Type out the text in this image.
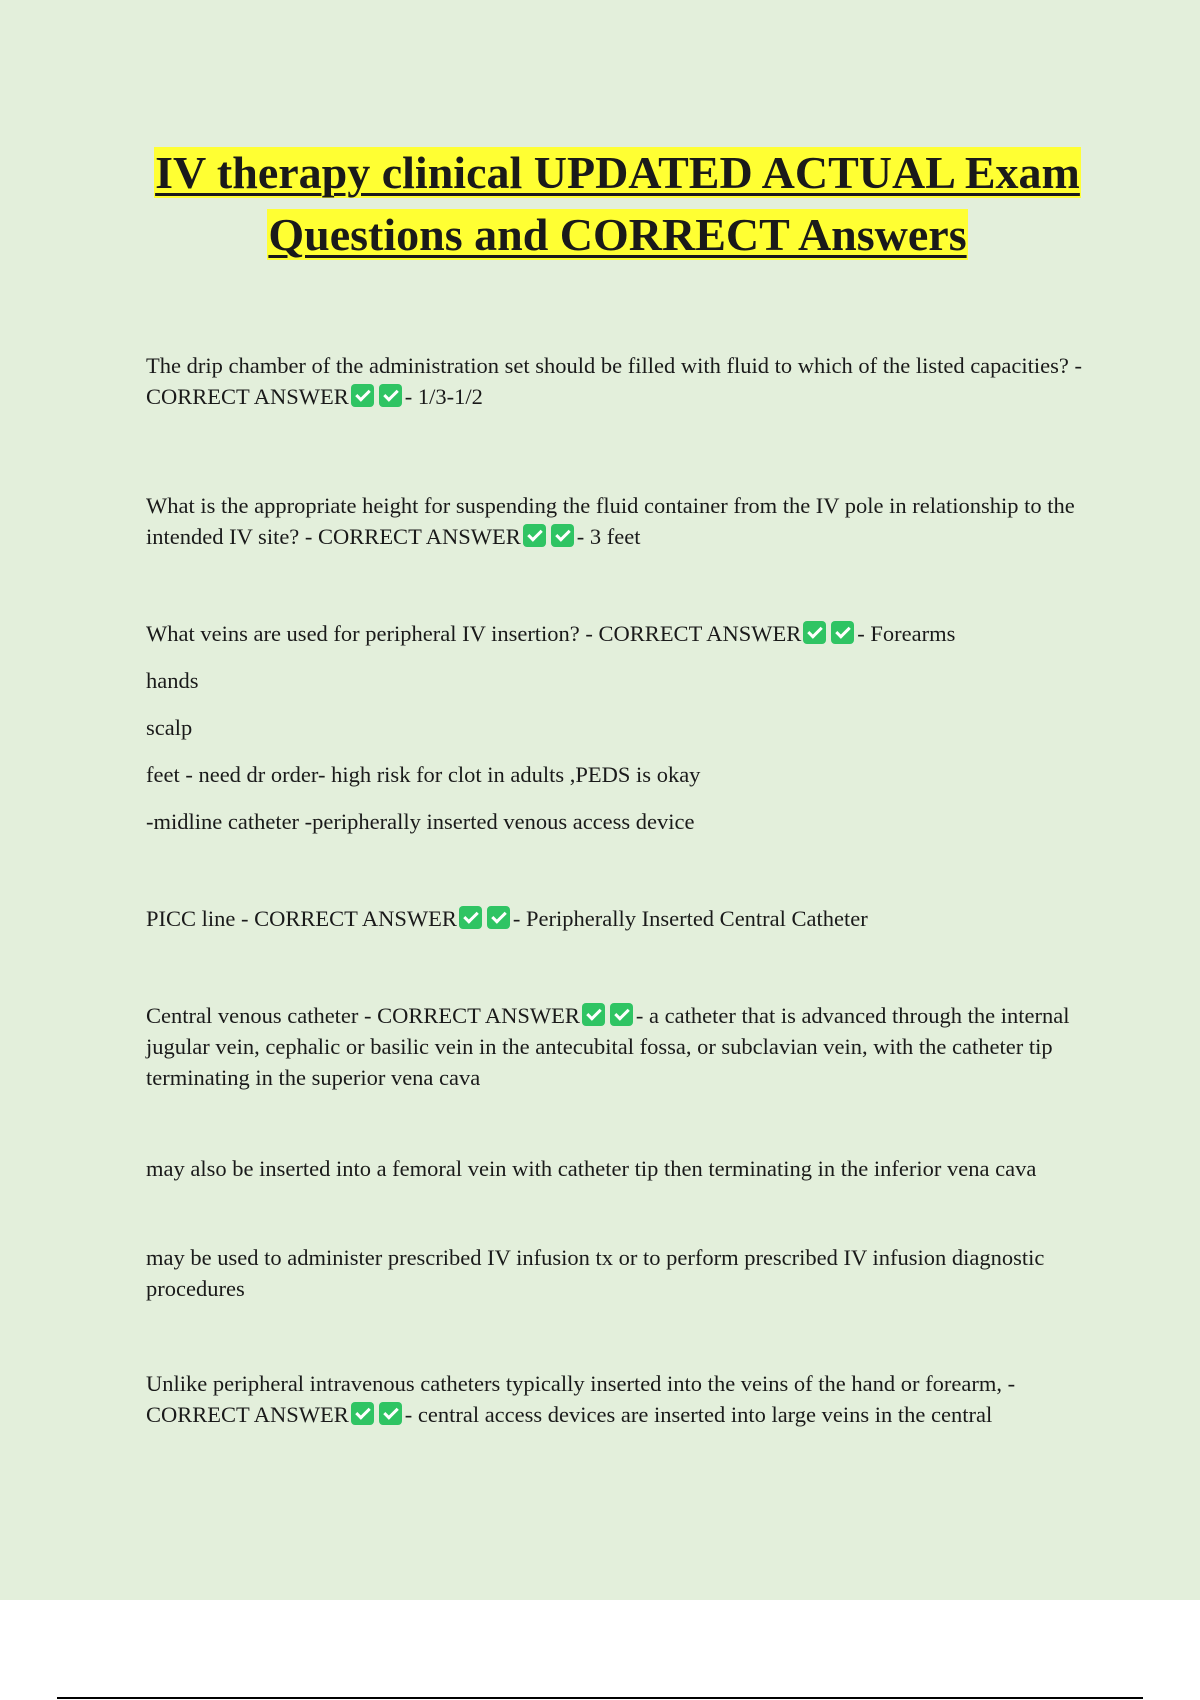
IV therapy clinical UPDATED ACTUAL Exam Questions and CORRECT Answers

The drip chamber of the administration set should be filled with fluid to which of the listed capacities? - CORRECT ANSWER - 1/3-1/2

What is the appropriate height for suspending the fluid container from the IV pole in relationship to the intended IV site? - CORRECT ANSWER - 3 feet

What veins are used for peripheral IV insertion? - CORRECT ANSWER - Forearms

hands

scalp

feet - need dr order- high risk for clot in adults ,PEDS is okay

-midline catheter -peripherally inserted venous access device

PICC line - CORRECT ANSWER - Peripherally Inserted Central Catheter

Central venous catheter - CORRECT ANSWER - a catheter that is advanced through the internal jugular vein, cephalic or basilic vein in the antecubital fossa, or subclavian vein, with the catheter tip terminating in the superior vena cava

may also be inserted into a femoral vein with catheter tip then terminating in the inferior vena cava

may be used to administer prescribed IV infusion tx or to perform prescribed IV infusion diagnostic procedures

Unlike peripheral intravenous catheters typically inserted into the veins of the hand or forearm, - CORRECT ANSWER - central access devices are inserted into large veins in the central
